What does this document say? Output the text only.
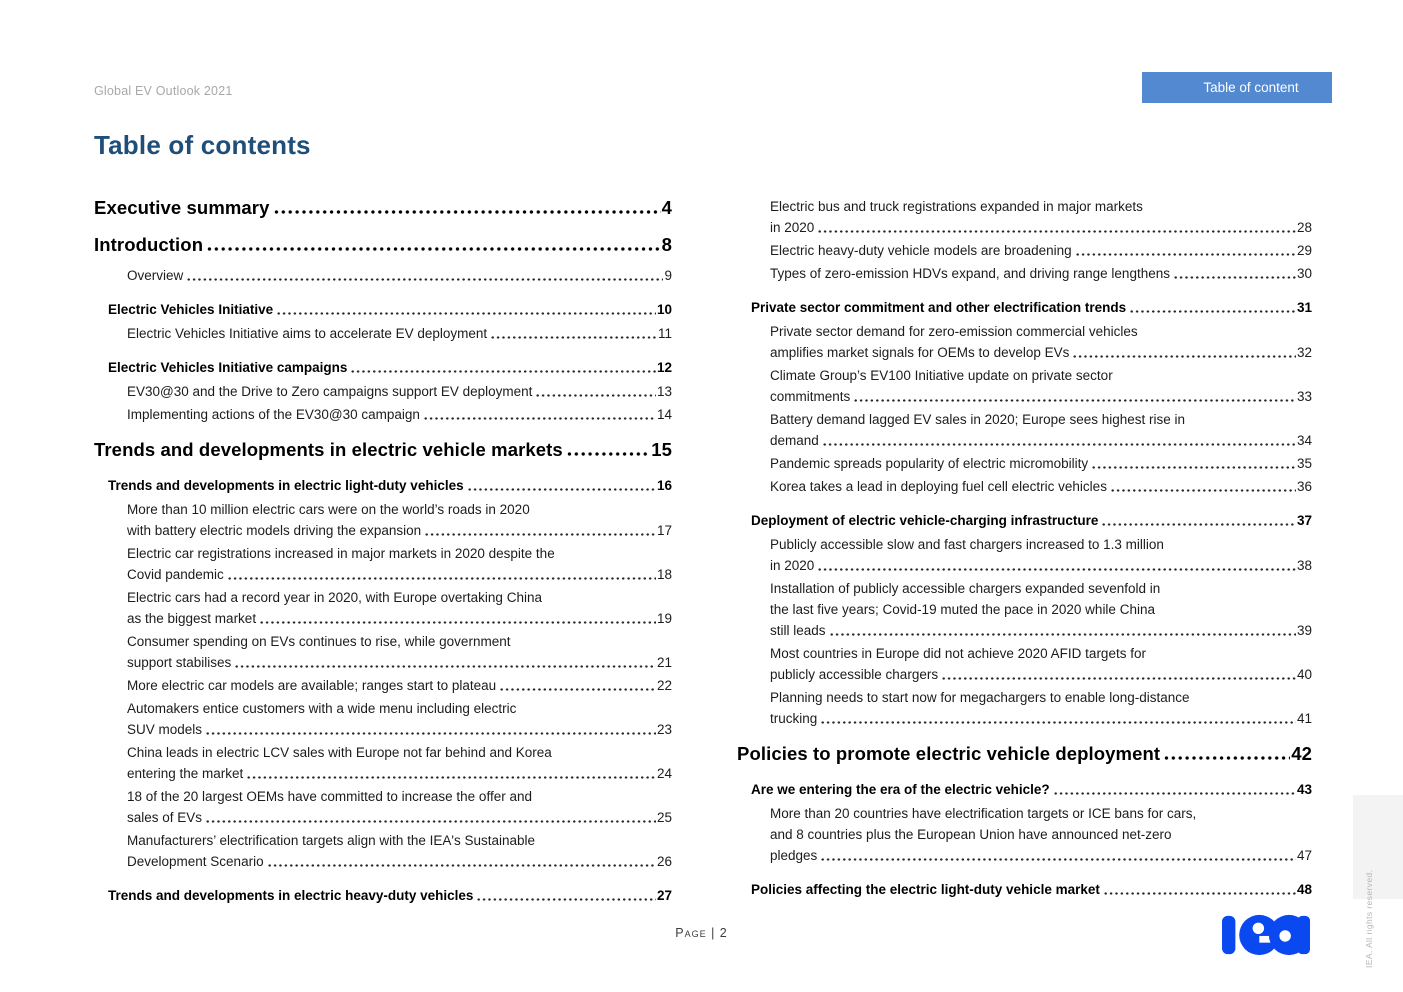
Global EV Outlook 2021	Table of content
Table of contents
Executive summary	4
Introduction	8
Overview	9
Electric Vehicles Initiative	10
Electric Vehicles Initiative aims to accelerate EV deployment	11
Electric Vehicles Initiative campaigns	12
EV30@30 and the Drive to Zero campaigns support EV deployment	13
Implementing actions of the EV30@30 campaign	14
Trends and developments in electric vehicle markets	15
Trends and developments in electric light-duty vehicles	16
More than 10 million electric cars were on the world’s roads in 2020
with battery electric models driving the expansion	17
Electric car registrations increased in major markets in 2020 despite the
Covid pandemic	18
Electric cars had a record year in 2020, with Europe overtaking China
as the biggest market	19
Consumer spending on EVs continues to rise, while government
support stabilises	21
More electric car models are available; ranges start to plateau	22
Automakers entice customers with a wide menu including electric
SUV models	23
China leads in electric LCV sales with Europe not far behind and Korea
entering the market	24
18 of the 20 largest OEMs have committed to increase the offer and
sales of EVs	25
Manufacturers’ electrification targets align with the IEA's Sustainable
Development Scenario	26
Trends and developments in electric heavy-duty vehicles	27
Electric bus and truck registrations expanded in major markets
in 2020	28
Electric heavy-duty vehicle models are broadening	29
Types of zero-emission HDVs expand, and driving range lengthens	30
Private sector commitment and other electrification trends	31
Private sector demand for zero-emission commercial vehicles
amplifies market signals for OEMs to develop EVs	32
Climate Group’s EV100 Initiative update on private sector
commitments	33
Battery demand lagged EV sales in 2020; Europe sees highest rise in
demand	34
Pandemic spreads popularity of electric micromobility	35
Korea takes a lead in deploying fuel cell electric vehicles	36
Deployment of electric vehicle-charging infrastructure	37
Publicly accessible slow and fast chargers increased to 1.3 million
in 2020	38
Installation of publicly accessible chargers expanded sevenfold in
the last five years; Covid-19 muted the pace in 2020 while China
still leads	39
Most countries in Europe did not achieve 2020 AFID targets for
publicly accessible chargers	40
Planning needs to start now for megachargers to enable long-distance
trucking	41
Policies to promote electric vehicle deployment	42
Are we entering the era of the electric vehicle?	43
More than 20 countries have electrification targets or ICE bans for cars,
and 8 countries plus the European Union have announced net-zero
pledges	47
Policies affecting the electric light-duty vehicle market	48	IEA. All rights reserved.
Page | 2
